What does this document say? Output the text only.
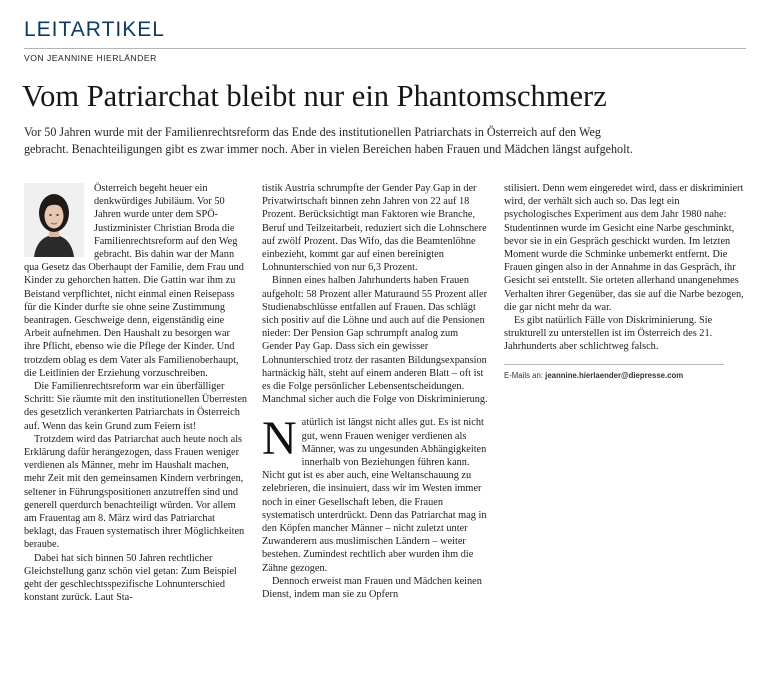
LEITARTIKEL
VON JEANNINE HIERLÄNDER
Vom Patriarchat bleibt nur ein Phantomschmerz

Vor 50 Jahren wurde mit der Familienrechtsreform das Ende des institutionellen Patriarchats in Österreich auf den Weg

gebracht. Benachteiligungen gibt es zwar immer noch. Aber in vielen Bereichen haben Frauen und Mädchen längst aufgeholt.

Österreich begeht heuer ein denkwürdiges Jubiläum. Vor 50 Jahren wurde unter dem SPÖ-Justizminister Christian Broda die Familienrechtsreform auf den Weg gebracht. Bis dahin war der Mann qua Gesetz das Oberhaupt der Familie, dem Frau und Kinder zu gehorchen hatten. Die Gattin war ihm zu Beistand verpflichtet, nicht einmal einen Reisepass für die Kinder durfte sie ohne seine Zustimmung beantragen. Geschweige denn, eigenständig eine Arbeit aufnehmen. Den Haushalt zu besorgen war ihre Pflicht, ebenso wie die Pflege der Kinder. Und trotzdem oblag es dem Vater als Familienoberhaupt, die Leitlinien der Erziehung vorzuschreiben.

Die Familienrechtsreform war ein überfälliger Schritt: Sie räumte mit den institutionellen Überresten des gesetzlich verankerten Patriarchats in Österreich auf. Wenn das kein Grund zum Feiern ist!

Trotzdem wird das Patriarchat auch heute noch als Erklärung dafür herangezogen, dass Frauen weniger verdienen als Männer, mehr im Haushalt machen, mehr Zeit mit den gemeinsamen Kindern verbringen, seltener in Führungspositionen anzutreffen sind und generell querdurch benachteiligt würden. Vor allem am Frauentag am 8. März wird das Patriarchat beklagt, das Frauen systematisch ihrer Möglichkeiten beraube.

Dabei hat sich binnen 50 Jahren rechtlicher Gleichstellung ganz schön viel getan: Zum Beispiel geht der geschlechtsspezifische Lohnunterschied konstant zurück. Laut Sta-

tistik Austria schrumpfte der Gender Pay Gap in der Privatwirtschaft binnen zehn Jahren von 22 auf 18 Prozent. Berücksichtigt man Faktoren wie Branche, Beruf und Teilzeitarbeit, reduziert sich die Lohnschere auf zwölf Prozent. Das Wifo, das die Beamtenlöhne einbezieht, kommt gar auf einen bereinigten Lohnunterschied von nur 6,3 Prozent.

Binnen eines halben Jahrhunderts haben Frauen aufgeholt: 58 Prozent aller Maturaund 55 Prozent aller Studienabschlüsse entfallen auf Frauen. Das schlägt sich positiv auf die Löhne und auch auf die Pensionen nieder: Der Pension Gap schrumpft analog zum Gender Pay Gap. Dass sich ein gewisser Lohnunterschied trotz der rasanten Bildungsexpansion hartnäckig hält, steht auf einem anderen Blatt – oft ist es die Folge persönlicher Lebensentscheidungen. Manchmal sicher auch die Folge von Diskriminierung.

Natürlich ist längst nicht alles gut. Es ist nicht gut, wenn Frauen weniger verdienen als Männer, was zu ungesunden Abhängigkeiten innerhalb von Beziehungen führen kann. Nicht gut ist es aber auch, eine Weltanschauung zu zelebrieren, die insinuiert, dass wir im Westen immer noch in einer Gesellschaft leben, die Frauen systematisch unterdrückt. Denn das Patriarchat mag in den Köpfen mancher Männer – nicht zuletzt unter Zuwanderern aus muslimischen Ländern – weiter bestehen. Zumindest rechtlich aber wurden ihm die Zähne gezogen.

Dennoch erweist man Frauen und Mädchen keinen Dienst, indem man sie zu Opfern

stilisiert. Denn wem eingeredet wird, dass er diskriminiert wird, der verhält sich auch so. Das legt ein psychologisches Experiment aus dem Jahr 1980 nahe: Studentinnen wurde im Gesicht eine Narbe geschminkt, bevor sie in ein Gespräch geschickt wurden. Im letzten Moment wurde die Schminke unbemerkt entfernt. Die Frauen gingen also in der Annahme in das Gespräch, ihr Gesicht sei entstellt. Sie orteten allerhand unangenehmes Verhalten ihrer Gegenüber, das sie auf die Narbe bezogen, die gar nicht mehr da war.

Es gibt natürlich Fälle von Diskriminierung. Sie strukturell zu unterstellen ist im Österreich des 21. Jahrhunderts aber schlichtweg falsch.

E-Mails an: jeannine.hierlaender@diepresse.com
